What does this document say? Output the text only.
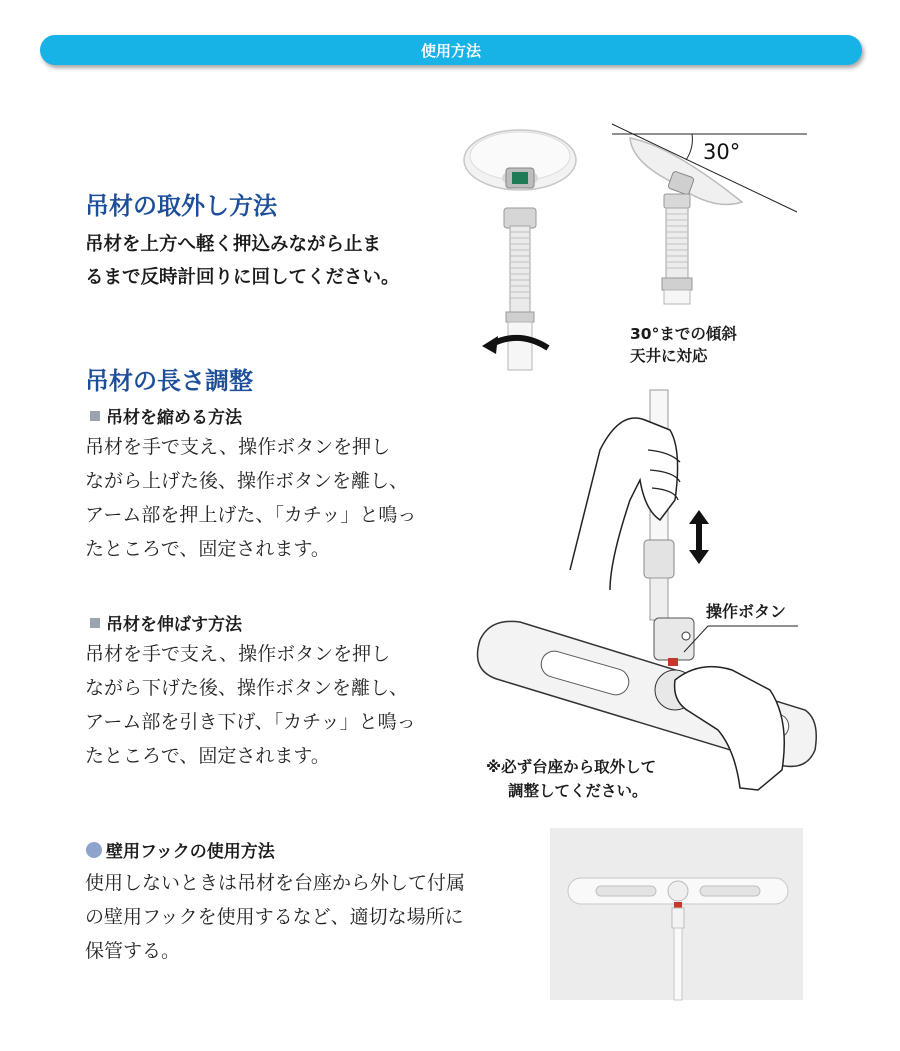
使用方法
吊材の取外し方法
吊材を上方へ軽く押込みながら止ま
るまで反時計回りに回してください。
30°
30°までの傾斜
天井に対応
吊材の長さ調整
吊材を縮める方法
吊材を手で支え、操作ボタンを押し
ながら上げた後、操作ボタンを離し、
アーム部を押上げた、「カチッ」と鳴っ
たところで、固定されます。
吊材を伸ばす方法
吊材を手で支え、操作ボタンを押し
ながら下げた後、操作ボタンを離し、
アーム部を引き下げ、「カチッ」と鳴っ
たところで、固定されます。
操作ボタン
※必ず台座から取外して
調整してください。
壁用フックの使用方法
使用しないときは吊材を台座から外して付属
の壁用フックを使用するなど、適切な場所に
保管する。
